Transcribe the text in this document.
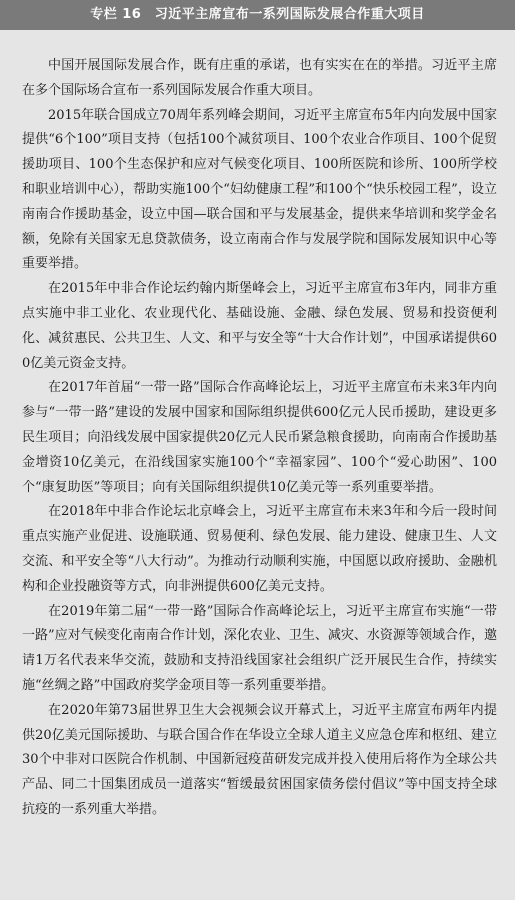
专栏 16　习近平主席宣布一系列国际发展合作重大项目

中国开展国际发展合作，既有庄重的承诺，也有实实在在的举措。习近平主席在多个国际场合宣布一系列国际发展合作重大项目。

2015年联合国成立70周年系列峰会期间，习近平主席宣布5年内向发展中国家提供“6个100”项目支持（包括100个减贫项目、100个农业合作项目、100个促贸援助项目、100个生态保护和应对气候变化项目、100所医院和诊所、100所学校和职业培训中心），帮助实施100个“妇幼健康工程”和100个“快乐校园工程”，设立南南合作援助基金，设立中国—联合国和平与发展基金，提供来华培训和奖学金名额，免除有关国家无息贷款债务，设立南南合作与发展学院和国际发展知识中心等重要举措。

在2015年中非合作论坛约翰内斯堡峰会上，习近平主席宣布3年内，同非方重点实施中非工业化、农业现代化、基础设施、金融、绿色发展、贸易和投资便利化、减贫惠民、公共卫生、人文、和平与安全等“十大合作计划”，中国承诺提供600亿美元资金支持。

在2017年首届“一带一路”国际合作高峰论坛上，习近平主席宣布未来3年内向参与“一带一路”建设的发展中国家和国际组织提供600亿元人民币援助，建设更多民生项目；向沿线发展中国家提供20亿元人民币紧急粮食援助，向南南合作援助基金增资10亿美元，在沿线国家实施100个“幸福家园”、100个“爱心助困”、100个“康复助医”等项目；向有关国际组织提供10亿美元等一系列重要举措。

在2018年中非合作论坛北京峰会上，习近平主席宣布未来3年和今后一段时间重点实施产业促进、设施联通、贸易便利、绿色发展、能力建设、健康卫生、人文交流、和平安全等“八大行动”。为推动行动顺利实施，中国愿以政府援助、金融机构和企业投融资等方式，向非洲提供600亿美元支持。

在2019年第二届“一带一路”国际合作高峰论坛上，习近平主席宣布实施“一带一路”应对气候变化南南合作计划，深化农业、卫生、减灾、水资源等领域合作，邀请1万名代表来华交流，鼓励和支持沿线国家社会组织广泛开展民生合作，持续实施“丝绸之路”中国政府奖学金项目等一系列重要举措。

在2020年第73届世界卫生大会视频会议开幕式上，习近平主席宣布两年内提供20亿美元国际援助、与联合国合作在华设立全球人道主义应急仓库和枢纽、建立30个中非对口医院合作机制、中国新冠疫苗研发完成并投入使用后将作为全球公共产品、同二十国集团成员一道落实“暂缓最贫困国家债务偿付倡议”等中国支持全球抗疫的一系列重大举措。
